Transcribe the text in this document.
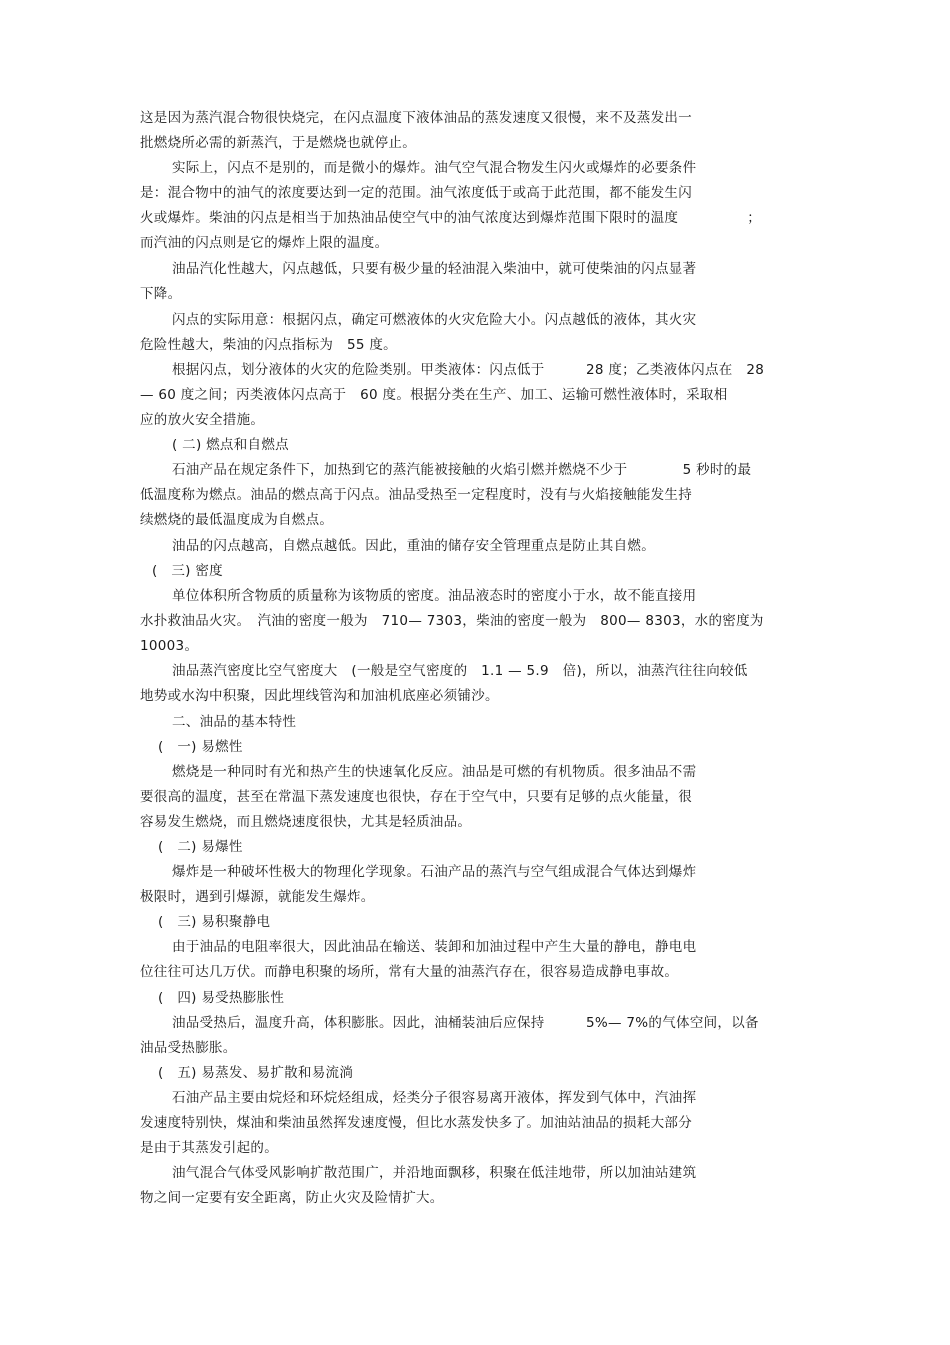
这是因为蒸汽混合物很快烧完，在闪点温度下液体油品的蒸发速度又很慢，来不及蒸发出一
批燃烧所必需的新蒸汽，于是燃烧也就停止。
实际上，闪点不是别的，而是微小的爆炸。油气空气混合物发生闪火或爆炸的必要条件
是：混合物中的油气的浓度要达到一定的范围。油气浓度低于或高于此范围，都不能发生闪
火或爆炸。柴油的闪点是相当于加热油品使空气中的油气浓度达到爆炸范围下限时的温度　　　　　；
而汽油的闪点则是它的爆炸上限的温度。
油品汽化性越大，闪点越低，只要有极少量的轻油混入柴油中，就可使柴油的闪点显著
下降。
闪点的实际用意：根据闪点，确定可燃液体的火灾危险大小。闪点越低的液体，其火灾
危险性越大，柴油的闪点指标为　55 度。
根据闪点，划分液体的火灾的危险类别。甲类液体：闪点低于　　　28 度；乙类液体闪点在　28
— 60 度之间；丙类液体闪点高于　60 度。根据分类在生产、加工、运输可燃性液体时，采取相
应的放火安全措施。
( 二) 燃点和自燃点
石油产品在规定条件下，加热到它的蒸汽能被接触的火焰引燃并燃烧不少于　　　　5 秒时的最
低温度称为燃点。油品的燃点高于闪点。油品受热至一定程度时，没有与火焰接触能发生持
续燃烧的最低温度成为自燃点。
油品的闪点越高，自燃点越低。因此，重油的储存安全管理重点是防止其自燃。
(　三) 密度
单位体积所含物质的质量称为该物质的密度。油品液态时的密度小于水，故不能直接用
水扑救油品火灾。　汽油的密度一般为　710— 7303，柴油的密度一般为　800— 8303，水的密度为
10003。
油品蒸汽密度比空气密度大　(一般是空气密度的　1.1 — 5.9　倍)，所以，油蒸汽往往向较低
地势或水沟中积聚，因此埋线管沟和加油机底座必须铺沙。
二、油品的基本特性
(　一) 易燃性
燃烧是一种同时有光和热产生的快速氧化反应。油品是可燃的有机物质。很多油品不需
要很高的温度，甚至在常温下蒸发速度也很快，存在于空气中，只要有足够的点火能量，很
容易发生燃烧，而且燃烧速度很快，尤其是轻质油品。
(　二) 易爆性
爆炸是一种破坏性极大的物理化学现象。石油产品的蒸汽与空气组成混合气体达到爆炸
极限时，遇到引爆源，就能发生爆炸。
(　三) 易积聚静电
由于油品的电阻率很大，因此油品在输送、装卸和加油过程中产生大量的静电，静电电
位往往可达几万伏。而静电积聚的场所，常有大量的油蒸汽存在，很容易造成静电事故。
(　四) 易受热膨胀性
油品受热后，温度升高，体积膨胀。因此，油桶装油后应保持　　　5%— 7%的气体空间，以备
油品受热膨胀。
(　五) 易蒸发、易扩散和易流淌
石油产品主要由烷烃和环烷烃组成，烃类分子很容易离开液体，挥发到气体中，汽油挥
发速度特别快，煤油和柴油虽然挥发速度慢，但比水蒸发快多了。加油站油品的损耗大部分
是由于其蒸发引起的。
油气混合气体受风影响扩散范围广，并沿地面飘移，积聚在低洼地带，所以加油站建筑
物之间一定要有安全距离，防止火灾及险情扩大。
